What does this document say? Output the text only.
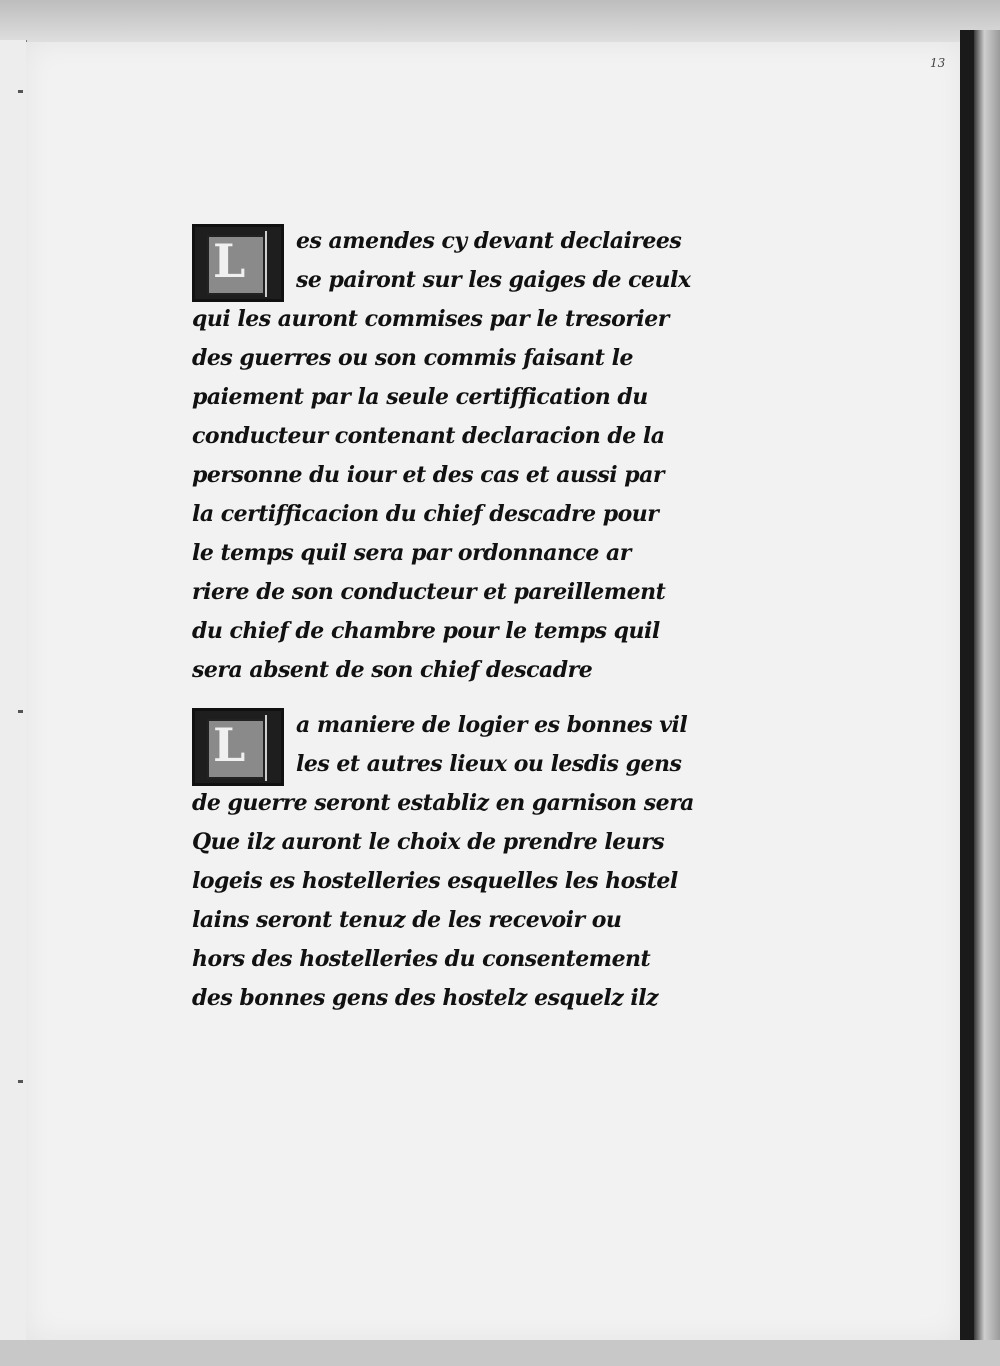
13
L	es amendes cy devant declairees
se pairont sur les gaiges de ceulx
qui les auront commises par le tresorier
des guerres ou son commis faisant le
paiement par la seule certiffication du
conducteur contenant declaracion de la
personne du iour et des cas et aussi par
la certifficacion du chief descadre pour
le temps quil sera par ordonnance ar
riere de son conducteur et pareillement
du chief de chambre pour le temps quil
sera absent de son chief descadre
L	a maniere de logier es bonnes vil
les et autres lieux ou lesdis gens
de guerre seront establiz en garnison sera
Que ilz auront le choix de prendre leurs
logeis es hostelleries esquelles les hostel
lains seront tenuz de les recevoir ou
hors des hostelleries du consentement
des bonnes gens des hostelz esquelz ilz
